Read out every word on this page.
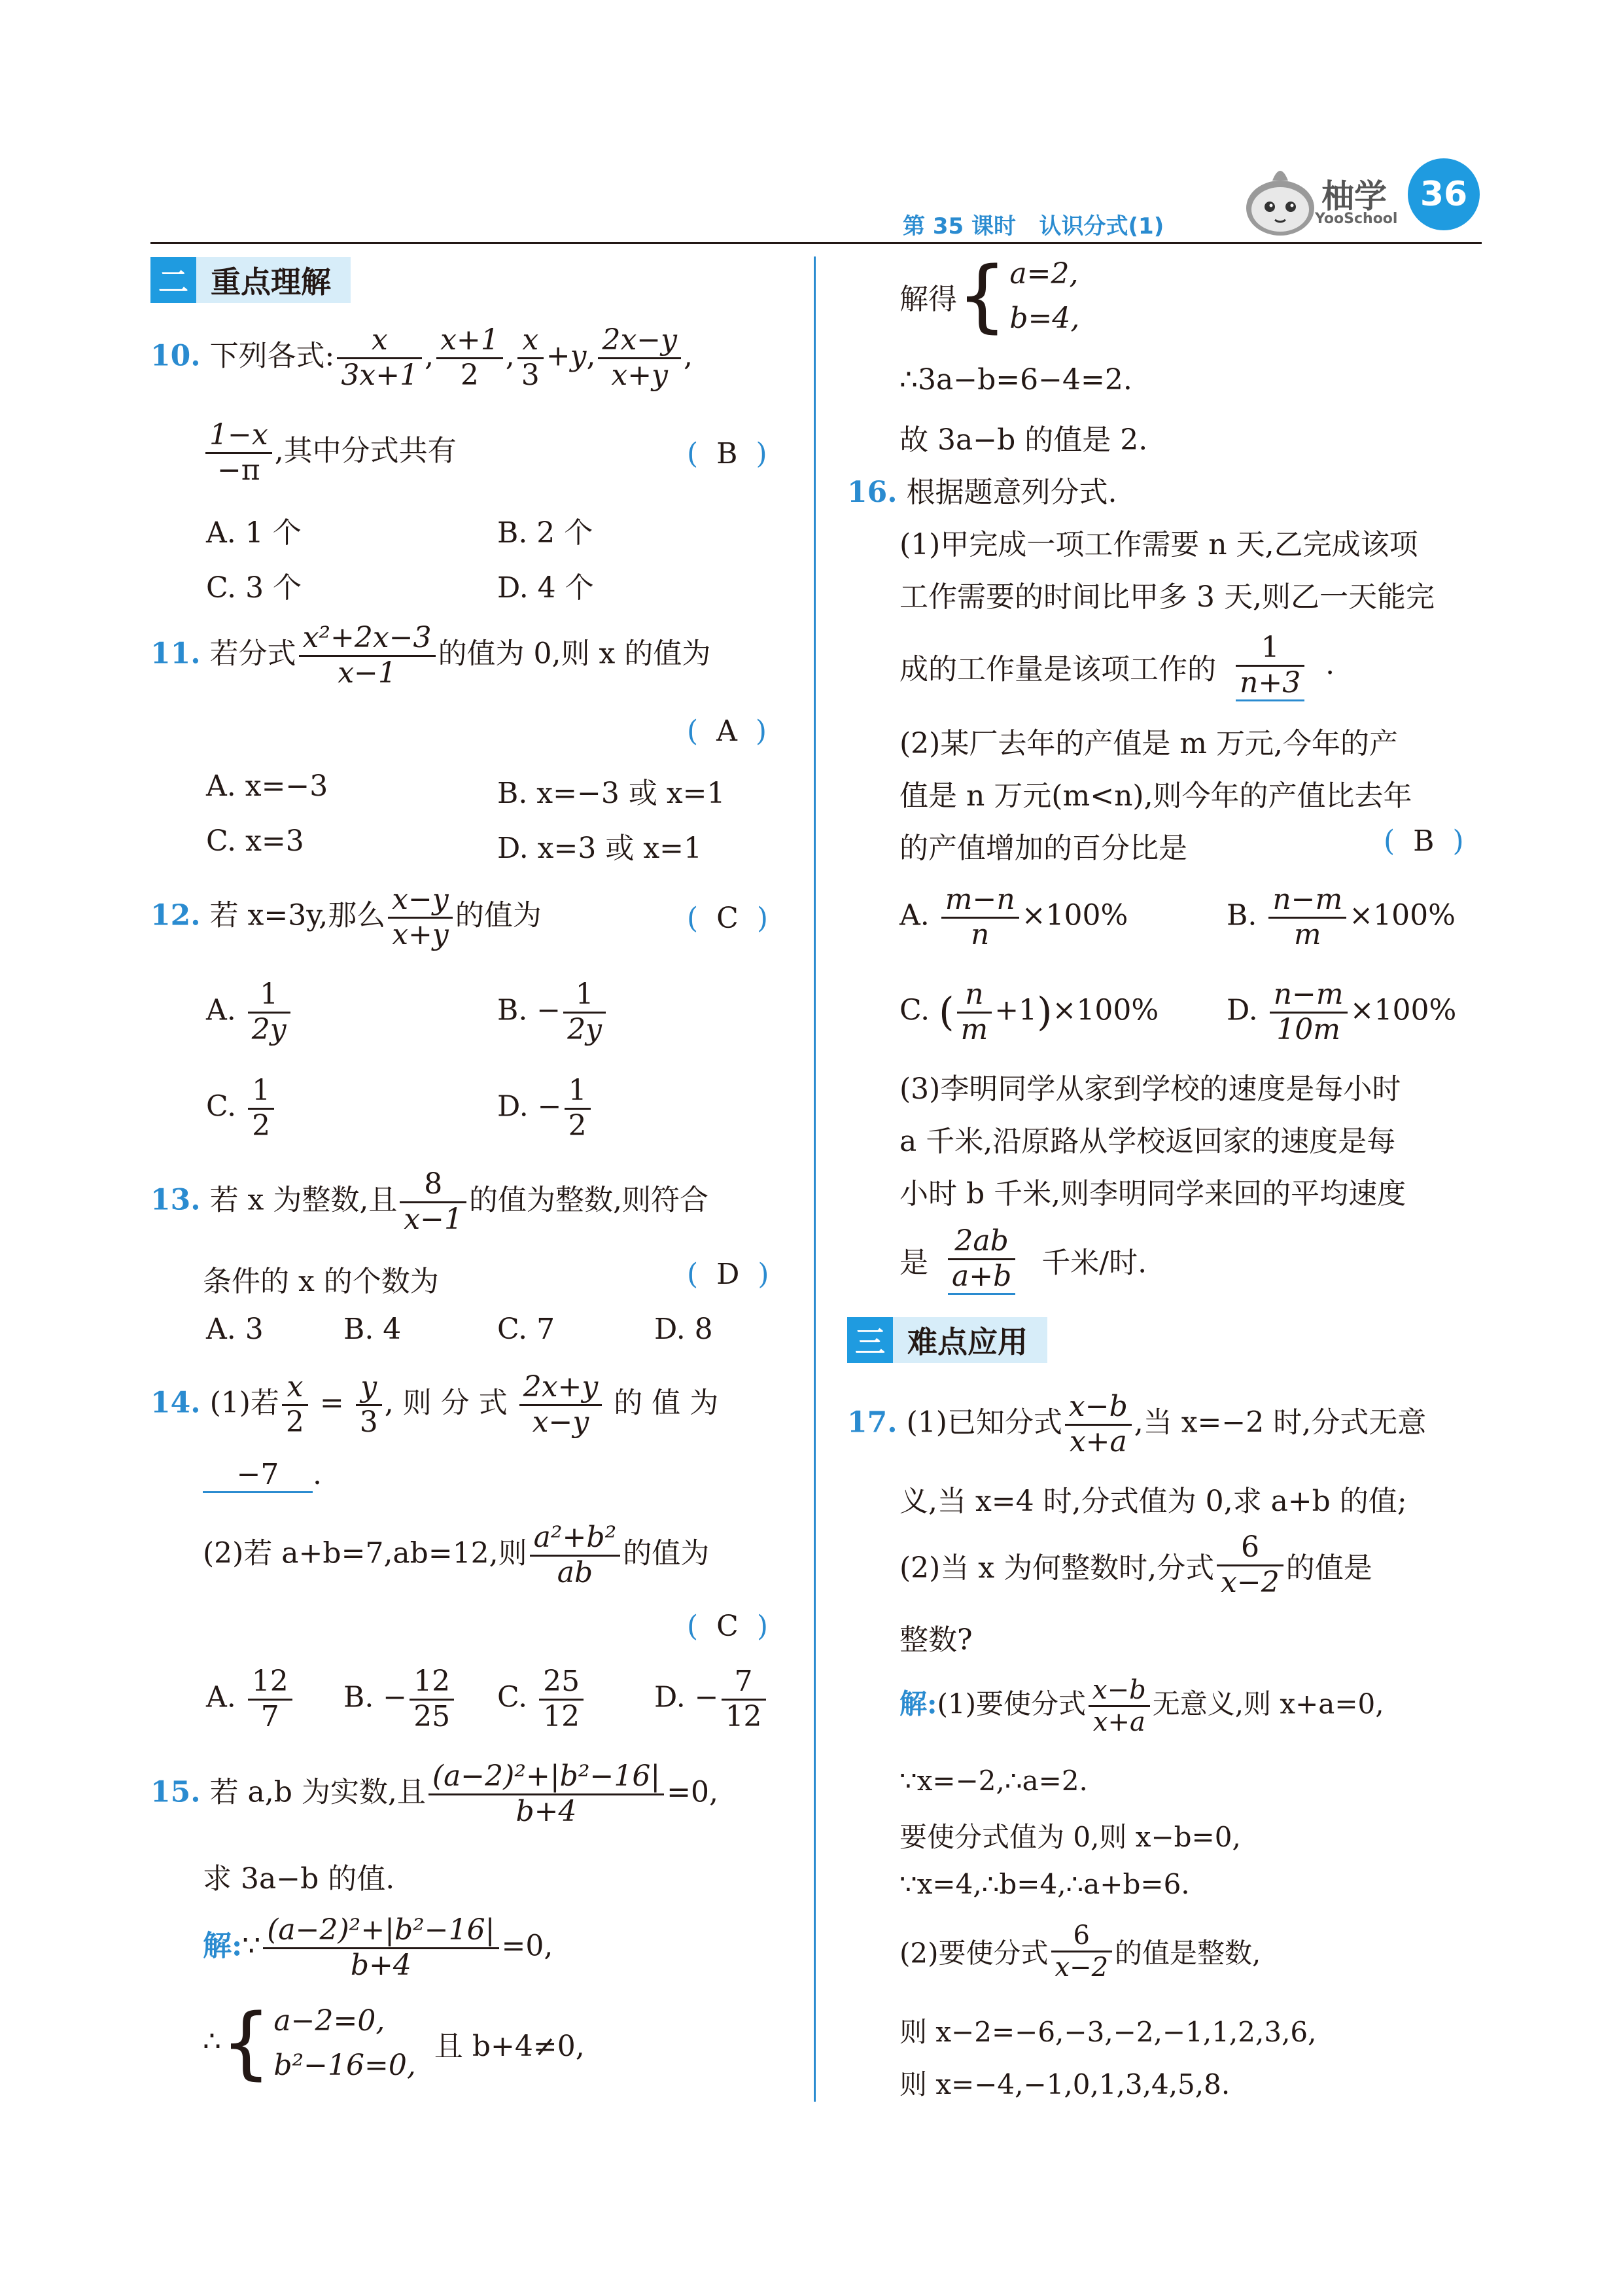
第 35 课时 认识分式(1)
柚学
YooSchool
36
二 重点理解
10. 下列各式: $\frac{x}{3x+1}$ , $\frac{x+1}{2}$ , $\frac{x}{3} +y$, $\frac{2x-y}{x+y}$ ,
$\frac{1-x}{-\pi}$ ,其中分式共有	( B )
A. 1 个	B. 2 个
C. 3 个	D. 4 个
11. 若分式 $\frac{\text{x²+2x−3}}{x-1}$ 的值为 0,则 x 的值为
( A )
A. x=−3	B. x=−3 或 x=1
C. x=3	D. x=3 或 x=1
12. 若 x=3y,那么 $\frac{x-y}{x+y}$ 的值为	( C )
A. $\frac{1}{2y}$	B. − $\frac{1}{2y}$
C. $\frac{1}{2}$	D. − $\frac{1}{2}$
13. 若 x 为整数,且 $\frac{8}{x-1}$ 的值为整数,则符合
条件的 x 的个数为	( D )
A. 3	B. 4	C. 7	D. 8
14. (1)若 $\frac{x}{2} = \frac{y}{3}$ , 则 分 式 $\frac{2x+y}{x-y}$ 的 值 为
−7 .
(2)若 a+b=7,ab=12,则 $\frac{\text{a²+b²}}{ab}$ 的值为
( C )
A. $\frac{12}{7} B$. − $\frac{12}{25} C$. $\frac{25}{12} D$. − $\frac{7}{12}$
15. 若 a,b 为实数,且 $\frac{\text{(a−2)²+|b²−16|}}{b+4} =0$,
求 3a−b 的值.
解:∵ $\frac{\text{(a−2)²+|b²−16|}}{b+4} =0$,
∴{a−2=0,
b²−16=0,  且 b+4≠0,
解得{a=2,
b=4,
∴3a−b=6−4=2.
故 3a−b 的值是 2.
16. 根据题意列分式.
(1)甲完成一项工作需要 n 天,乙完成该项
工作需要的时间比甲多 3 天,则乙一天能完
成的工作量是该项工作的 $\frac{1}{n+3}$ .
(2)某厂去年的产值是 m 万元,今年的产
值是 n 万元(m<n),则今年的产值比去年
的产值增加的百分比是	( B )
A. $\frac{m-n}{n} \times 100\%$	B. $\frac{n-m}{m} \times 100\%$
C. ( $\frac{n}{m} +1)\times 100\%$ D. $\frac{n-m}{10m} \times 100\%$
(3)李明同学从家到学校的速度是每小时
a 千米,沿原路从学校返回家的速度是每
小时 b 千米,则李明同学来回的平均速度
是 $\frac{2ab}{a+b}$ 千米/时.
三 难点应用
17. (1)已知分式 $\frac{x-b}{x+a}$ ,当 x=−2 时,分式无意
义,当 x=4 时,分式值为 0,求 a+b 的值;
(2)当 x 为何整数时,分式 $\frac{6}{x-2}$ 的值是
整数?
解:(1)要使分式 $\frac{x-b}{x+a}$ 无意义,则 x+a=0,
∵x=−2,∴a=2.
要使分式值为 0,则 x−b=0,
∵x=4,∴b=4,∴a+b=6.
(2)要使分式 $\frac{6}{x-2}$ 的值是整数,
则 x−2=−6,−3,−2,−1,1,2,3,6,
则 x=−4,−1,0,1,3,4,5,8.
